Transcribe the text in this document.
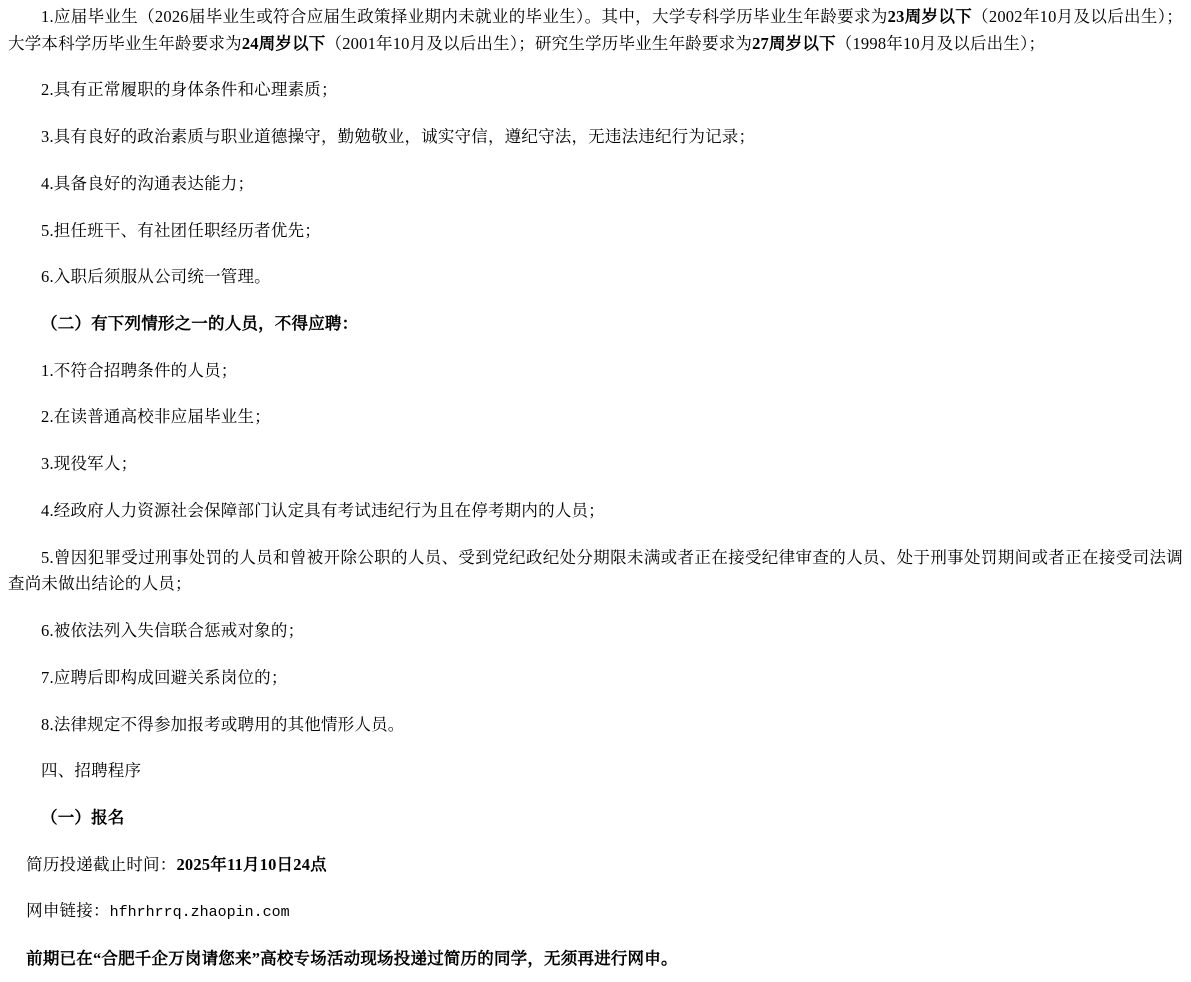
1.应届毕业生（2026届毕业生或符合应届生政策择业期内未就业的毕业生）。其中，大学专科学历毕业生年龄要求为23周岁以下（2002年10月及以后出生）；大学本科学历毕业生年龄要求为24周岁以下（2001年10月及以后出生）；研究生学历毕业生年龄要求为27周岁以下（1998年10月及以后出生）；

2.具有正常履职的身体条件和心理素质；

3.具有良好的政治素质与职业道德操守，勤勉敬业，诚实守信，遵纪守法，无违法违纪行为记录；

4.具备良好的沟通表达能力；

5.担任班干、有社团任职经历者优先；

6.入职后须服从公司统一管理。

（二）有下列情形之一的人员，不得应聘：

1.不符合招聘条件的人员；

2.在读普通高校非应届毕业生；

3.现役军人；

4.经政府人力资源社会保障部门认定具有考试违纪行为且在停考期内的人员；

5.曾因犯罪受过刑事处罚的人员和曾被开除公职的人员、受到党纪政纪处分期限未满或者正在接受纪律审查的人员、处于刑事处罚期间或者正在接受司法调查尚未做出结论的人员；

6.被依法列入失信联合惩戒对象的；

7.应聘后即构成回避关系岗位的；

8.法律规定不得参加报考或聘用的其他情形人员。

四、招聘程序

（一）报名

简历投递截止时间：2025年11月10日24点

网申链接：hfhrhrrq.zhaopin.com

前期已在“合肥千企万岗请您来”高校专场活动现场投递过简历的同学，无须再进行网申。
